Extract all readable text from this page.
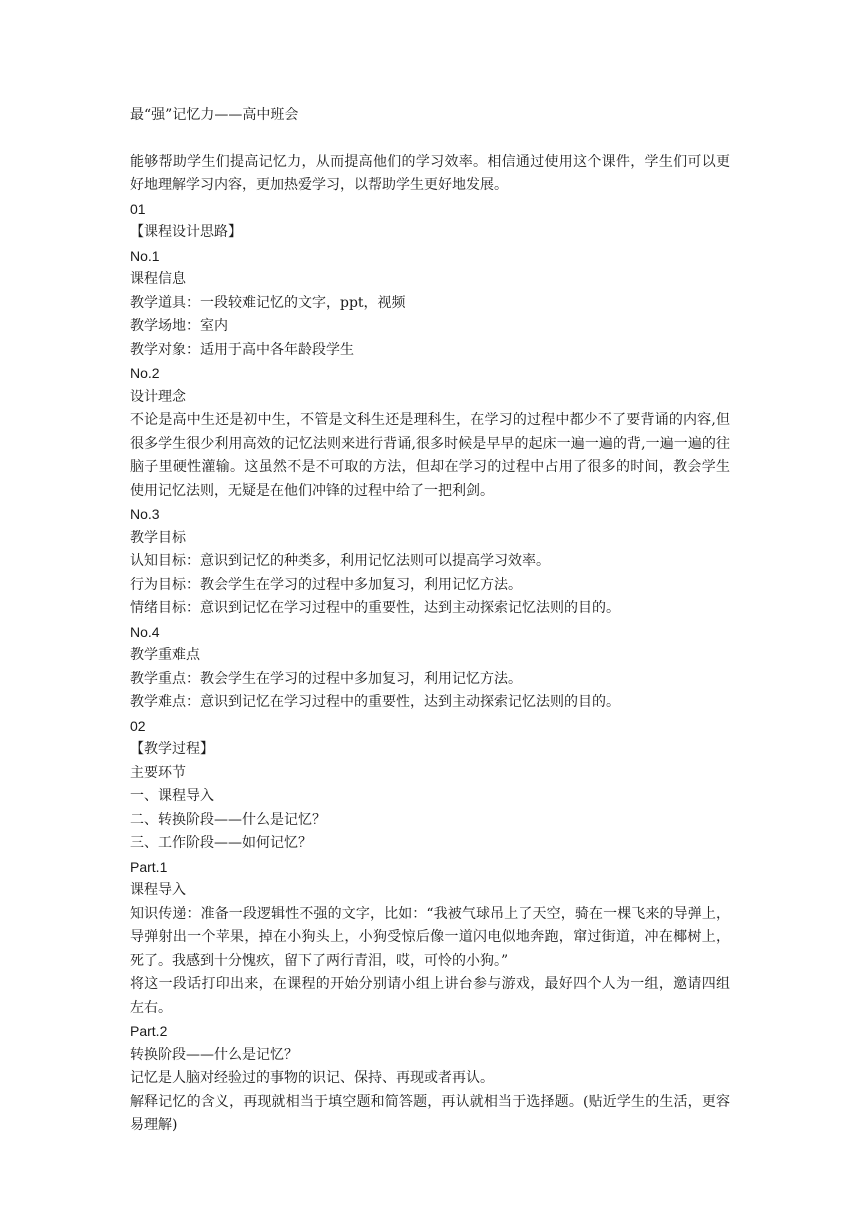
最“强”记忆力——高中班会
能够帮助学生们提高记忆力，从而提高他们的学习效率。相信通过使用这个课件，学生们可以更好地理解学习内容，更加热爱学习，以帮助学生更好地发展。
01
【课程设计思路】
No.1
课程信息
教学道具：一段较难记忆的文字，ppt，视频
教学场地：室内
教学对象：适用于高中各年龄段学生
No.2
设计理念
不论是高中生还是初中生，不管是文科生还是理科生，在学习的过程中都少不了要背诵的内容,但很多学生很少利用高效的记忆法则来进行背诵,很多时候是早早的起床一遍一遍的背,一遍一遍的往脑子里硬性灌输。这虽然不是不可取的方法，但却在学习的过程中占用了很多的时间，教会学生使用记忆法则，无疑是在他们冲锋的过程中给了一把利剑。
No.3
教学目标
认知目标：意识到记忆的种类多，利用记忆法则可以提高学习效率。
行为目标：教会学生在学习的过程中多加复习，利用记忆方法。
情绪目标：意识到记忆在学习过程中的重要性，达到主动探索记忆法则的目的。
No.4
教学重难点
教学重点：教会学生在学习的过程中多加复习，利用记忆方法。
教学难点：意识到记忆在学习过程中的重要性，达到主动探索记忆法则的目的。
02
【教学过程】
主要环节
一、课程导入
二、转换阶段——什么是记忆？
三、工作阶段——如何记忆？
Part.1
课程导入
知识传递：准备一段逻辑性不强的文字，比如：“我被气球吊上了天空，骑在一棵飞来的导弹上，导弹射出一个苹果，掉在小狗头上，小狗受惊后像一道闪电似地奔跑，窜过街道，冲在椰树上，死了。我感到十分愧疚，留下了两行青泪，哎，可怜的小狗。”
将这一段话打印出来，在课程的开始分别请小组上讲台参与游戏，最好四个人为一组，邀请四组左右。
Part.2
转换阶段——什么是记忆？
记忆是人脑对经验过的事物的识记、保持、再现或者再认。
解释记忆的含义，再现就相当于填空题和简答题，再认就相当于选择题。(贴近学生的生活，更容易理解)
